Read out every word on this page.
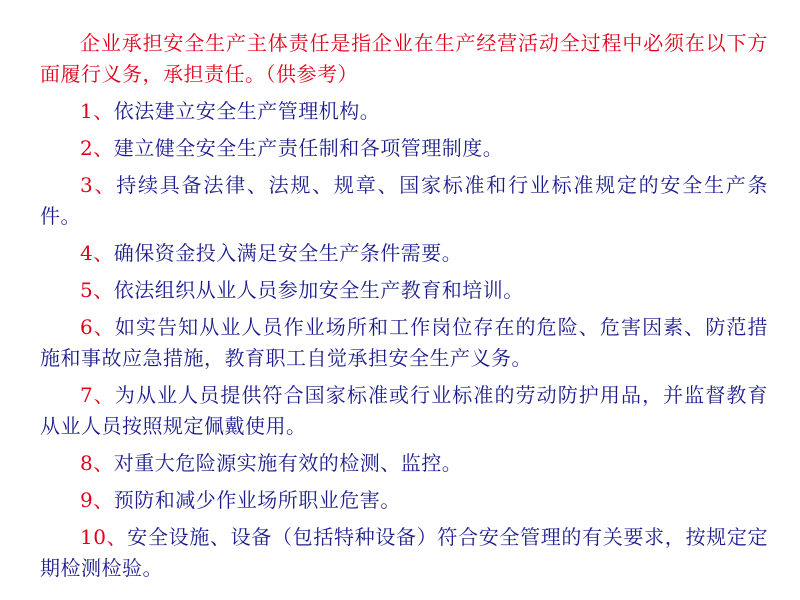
企业承担安全生产主体责任是指企业在生产经营活动全过程中必须在以下方面履行义务，承担责任。（供参考）

1、依法建立安全生产管理机构。

2、建立健全安全生产责任制和各项管理制度。

3、持续具备法律、法规、规章、国家标准和行业标准规定的安全生产条件。

4、确保资金投入满足安全生产条件需要。

5、依法组织从业人员参加安全生产教育和培训。

6、如实告知从业人员作业场所和工作岗位存在的危险、危害因素、防范措施和事故应急措施，教育职工自觉承担安全生产义务。

7、为从业人员提供符合国家标准或行业标准的劳动防护用品，并监督教育从业人员按照规定佩戴使用。

8、对重大危险源实施有效的检测、监控。

9、预防和减少作业场所职业危害。

10、安全设施、设备（包括特种设备）符合安全管理的有关要求，按规定定期检测检验。
